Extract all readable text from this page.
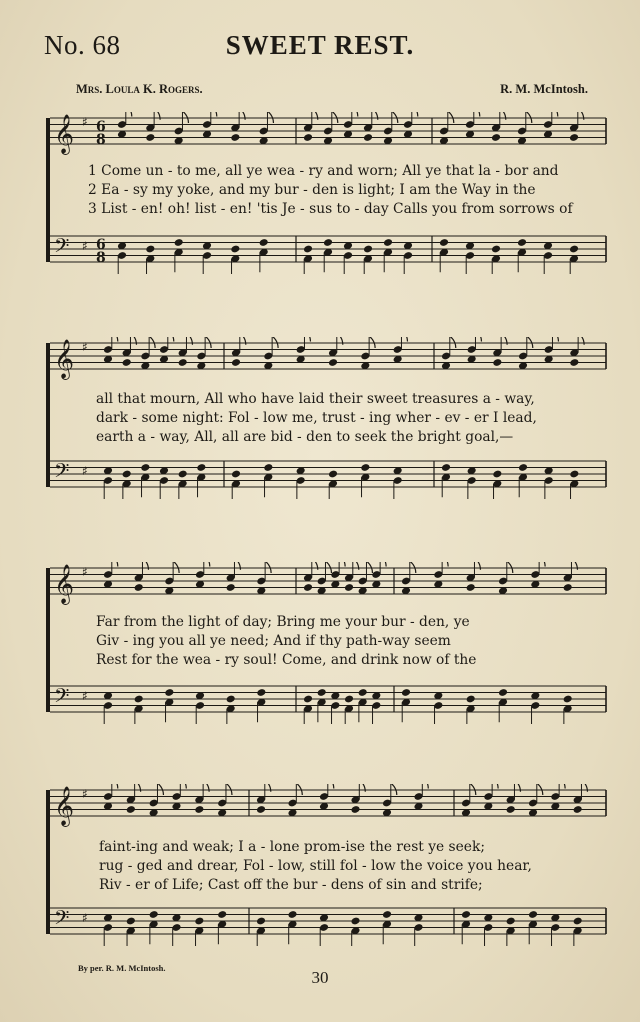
No. 68	SWEET REST.
Mrs. Loula K. Rogers.	R. M. McIntosh.
𝄞 ♯
𝄢 ♯
6
8
6
8
1 Come un - to me, all ye wea - ry and worn; All ye that la - bor and
2 Ea - sy my yoke, and my bur - den is light; I am the Way in the
3 List - en! oh! list - en! 'tis Je - sus to - day Calls you from sorrows of
𝄞 ♯
𝄢 ♯
all that mourn, All who have laid their sweet treasures a - way,
dark - some night: Fol - low me, trust - ing wher - ev - er I lead,
earth a - way, All, all are bid - den to seek the bright goal,—
𝄞 ♯
𝄢 ♯
Far from the light of day; Bring me your bur - den, ye
Giv - ing you all ye need; And if thy path-way seem
Rest for the wea - ry soul! Come, and drink now of the
𝄞 ♯
𝄢 ♯
faint-ing and weak; I a - lone prom-ise the rest ye seek;
rug - ged and drear, Fol - low, still fol - low the voice you hear,
Riv - er of Life; Cast off the bur - dens of sin and strife;
By per. R. M. McIntosh.	30
